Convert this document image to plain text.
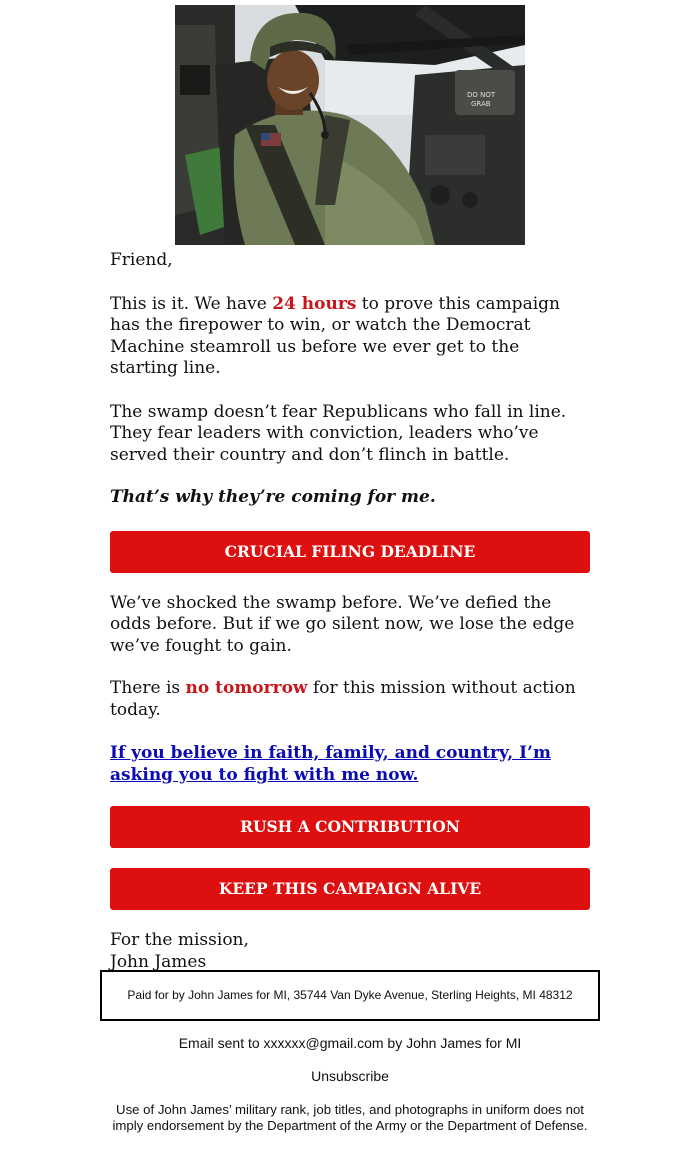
DO NOT
GRAB

Friend,

This is it. We have 24 hours to prove this campaign has the firepower to win, or watch the Democrat Machine steamroll us before we ever get to the starting line.

The swamp doesn’t fear Republicans who fall in line. They fear leaders with conviction, leaders who’ve served their country and don’t flinch in battle.

That’s why they’re coming for me.

CRUCIAL FILING DEADLINE

We’ve shocked the swamp before. We’ve defied the odds before. But if we go silent now, we lose the edge we’ve fought to gain.

There is no tomorrow for this mission without action today.

If you believe in faith, family, and country, I’m asking you to fight with me now.
RUSH A CONTRIBUTION
KEEP THIS CAMPAIGN ALIVE

For the mission,

John James

Paid for by John James for MI, 35744 Van Dyke Avenue, Sterling Heights, MI 48312
Email sent to xxxxxx@gmail.com by John James for MI
Unsubscribe
Use of John James’ military rank, job titles, and photographs in uniform does not imply endorsement by the Department of the Army or the Department of Defense.
